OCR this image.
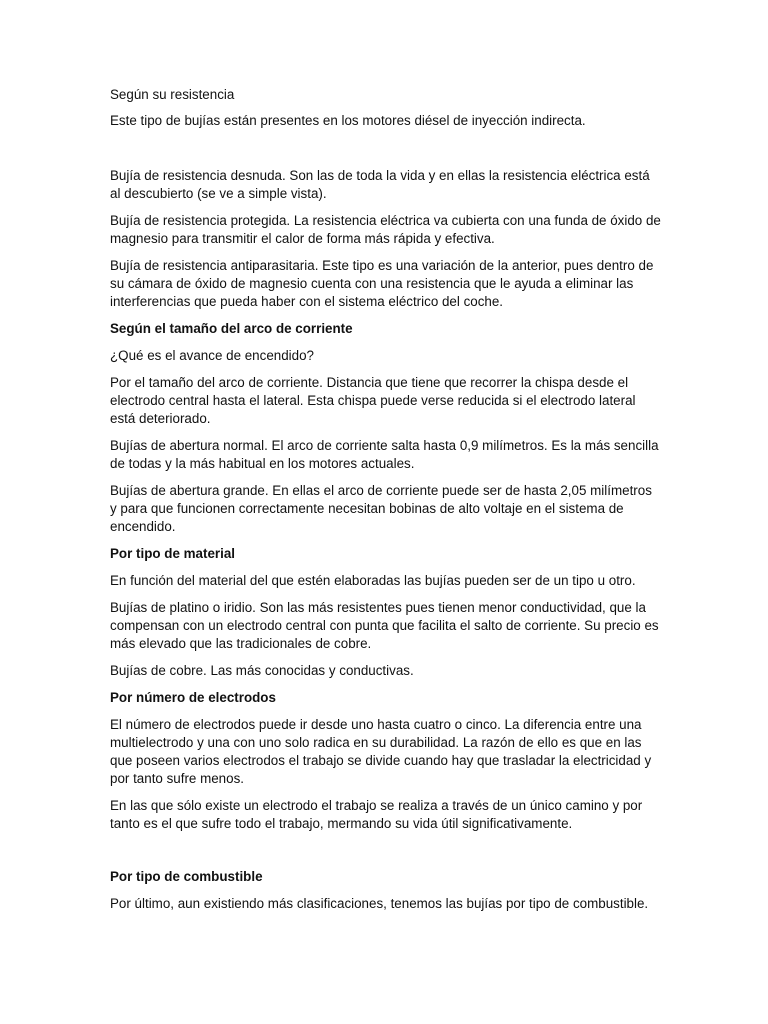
Según su resistencia

Este tipo de bujías están presentes en los motores diésel de inyección indirecta.

Bujía de resistencia desnuda. Son las de toda la vida y en ellas la resistencia eléctrica está al descubierto (se ve a simple vista).

Bujía de resistencia protegida. La resistencia eléctrica va cubierta con una funda de óxido de magnesio para transmitir el calor de forma más rápida y efectiva.

Bujía de resistencia antiparasitaria. Este tipo es una variación de la anterior, pues dentro de su cámara de óxido de magnesio cuenta con una resistencia que le ayuda a eliminar las interferencias que pueda haber con el sistema eléctrico del coche.

Según el tamaño del arco de corriente

¿Qué es el avance de encendido?

Por el tamaño del arco de corriente. Distancia que tiene que recorrer la chispa desde el electrodo central hasta el lateral. Esta chispa puede verse reducida si el electrodo lateral está deteriorado.

Bujías de abertura normal. El arco de corriente salta hasta 0,9 milímetros. Es la más sencilla de todas y la más habitual en los motores actuales.

Bujías de abertura grande. En ellas el arco de corriente puede ser de hasta 2,05 milímetros y para que funcionen correctamente necesitan bobinas de alto voltaje en el sistema de encendido.

Por tipo de material

En función del material del que estén elaboradas las bujías pueden ser de un tipo u otro.

Bujías de platino o iridio. Son las más resistentes pues tienen menor conductividad, que la compensan con un electrodo central con punta que facilita el salto de corriente. Su precio es más elevado que las tradicionales de cobre.

Bujías de cobre. Las más conocidas y conductivas.

Por número de electrodos

El número de electrodos puede ir desde uno hasta cuatro o cinco. La diferencia entre una multielectrodo y una con uno solo radica en su durabilidad. La razón de ello es que en las que poseen varios electrodos el trabajo se divide cuando hay que trasladar la electricidad y por tanto sufre menos.

En las que sólo existe un electrodo el trabajo se realiza a través de un único camino y por tanto es el que sufre todo el trabajo, mermando su vida útil significativamente.

Por tipo de combustible

Por último, aun existiendo más clasificaciones, tenemos las bujías por tipo de combustible.
